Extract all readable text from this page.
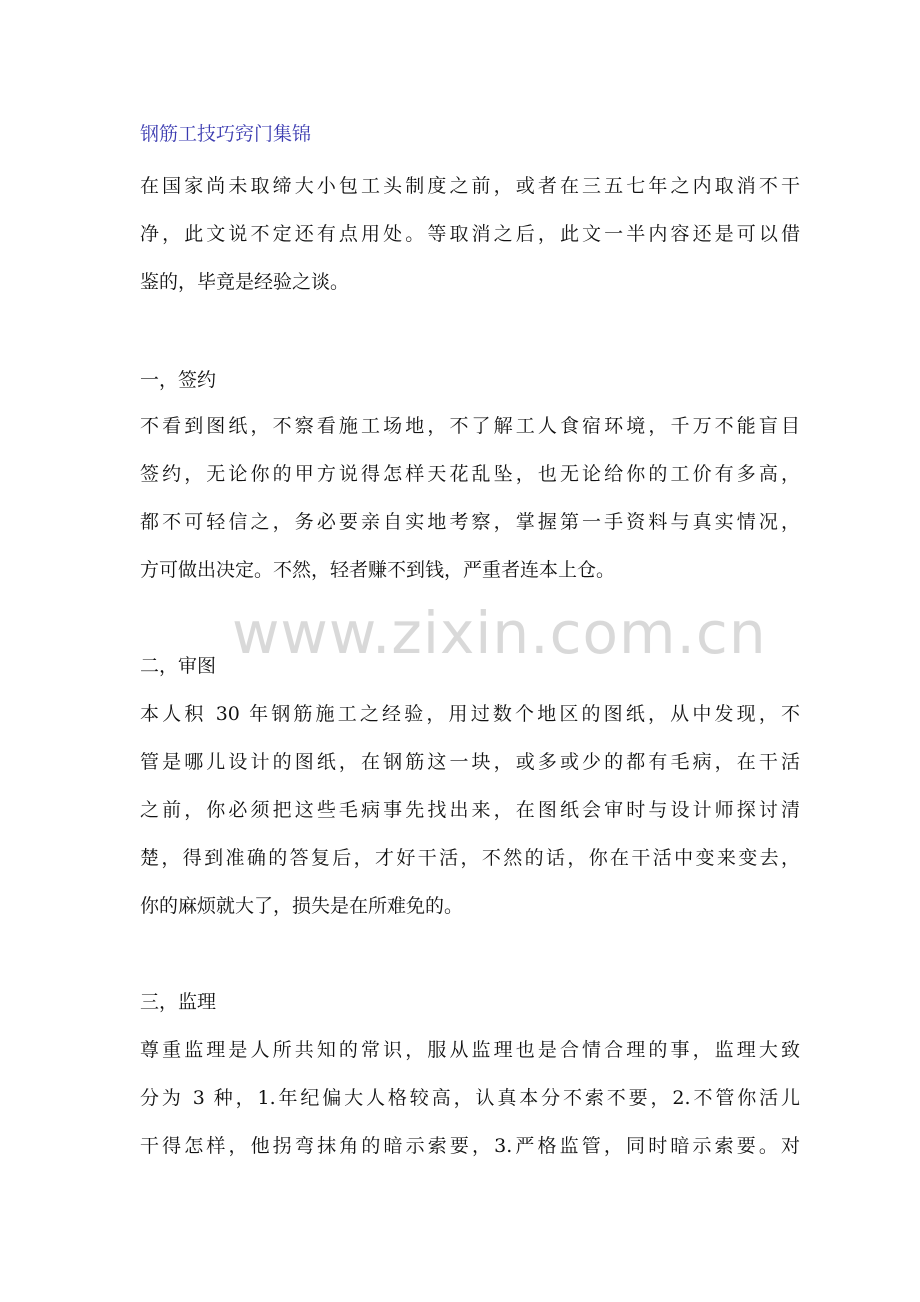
钢筋工技巧窍门集锦
在国家尚未取缔大小包工头制度之前，或者在三五七年之内取消不干
净，此文说不定还有点用处。等取消之后，此文一半内容还是可以借
鉴的，毕竟是经验之谈。
一，签约
不看到图纸，不察看施工场地，不了解工人食宿环境，千万不能盲目
签约，无论你的甲方说得怎样天花乱坠，也无论给你的工价有多高，
都不可轻信之，务必要亲自实地考察，掌握第一手资料与真实情况，
方可做出决定。不然，轻者赚不到钱，严重者连本上仓。
www.zixin.com.cn
二，审图
本人积 30 年钢筋施工之经验，用过数个地区的图纸，从中发现，不
管是哪儿设计的图纸，在钢筋这一块，或多或少的都有毛病，在干活
之前，你必须把这些毛病事先找出来，在图纸会审时与设计师探讨清
楚，得到准确的答复后，才好干活，不然的话，你在干活中变来变去，
你的麻烦就大了，损失是在所难免的。
三，监理
尊重监理是人所共知的常识，服从监理也是合情合理的事，监理大致
分为 3 种，1.年纪偏大人格较高，认真本分不索不要，2.不管你活儿
干得怎样，他拐弯抹角的暗示索要，3.严格监管，同时暗示索要。对
